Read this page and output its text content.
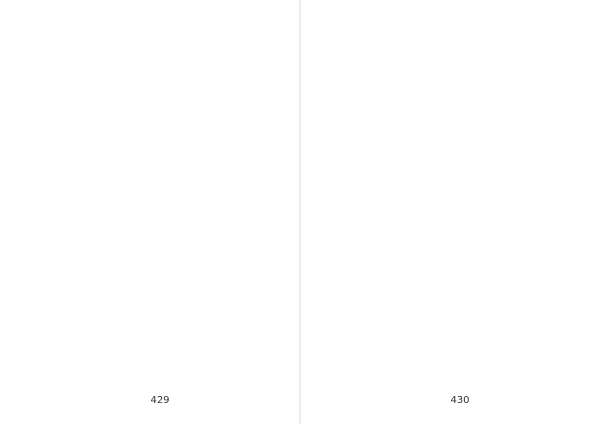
429	430
